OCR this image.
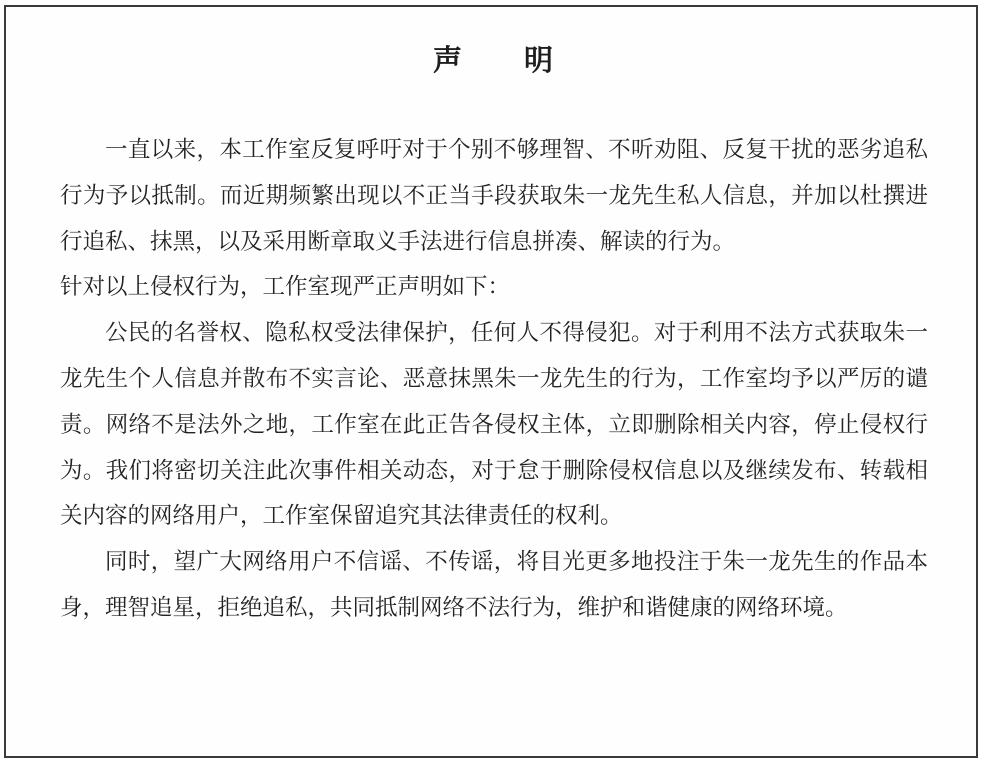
声 明

一直以来，本工作室反复呼吁对于个别不够理智、不听劝阻、反复干扰的恶劣追私行为予以抵制。而近期频繁出现以不正当手段获取朱一龙先生私人信息，并加以杜撰进行追私、抹黑，以及采用断章取义手法进行信息拼凑、解读的行为。

针对以上侵权行为，工作室现严正声明如下：

公民的名誉权、隐私权受法律保护，任何人不得侵犯。对于利用不法方式获取朱一龙先生个人信息并散布不实言论、恶意抹黑朱一龙先生的行为，工作室均予以严厉的谴责。网络不是法外之地，工作室在此正告各侵权主体，立即删除相关内容，停止侵权行为。我们将密切关注此次事件相关动态，对于怠于删除侵权信息以及继续发布、转载相关内容的网络用户，工作室保留追究其法律责任的权利。

同时，望广大网络用户不信谣、不传谣，将目光更多地投注于朱一龙先生的作品本身，理智追星，拒绝追私，共同抵制网络不法行为，维护和谐健康的网络环境。
